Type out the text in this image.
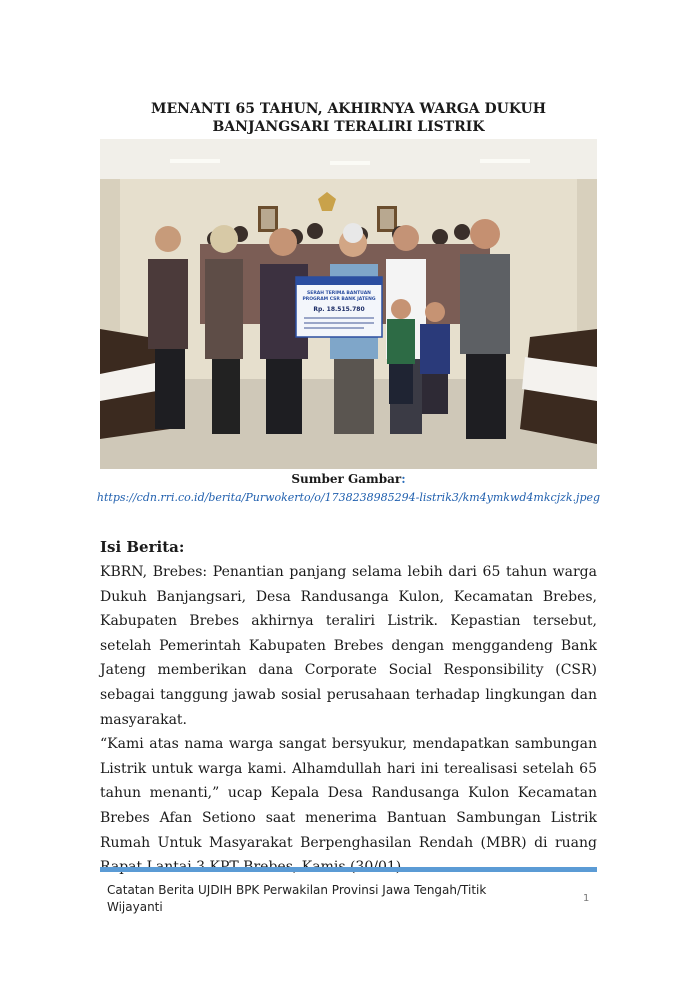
MENANTI 65 TAHUN, AKHIRNYA WARGA DUKUH BANJANGSARI TERALIRI LISTRIK
SERAH TERIMA BANTUAN
PROGRAM CSR BANK JATENG
Rp. 18.515.780
Sumber Gambar:
https://cdn.rri.co.id/berita/Purwokerto/o/1738238985294-listrik3/km4ymkwd4mkcjzk.jpeg
Isi Berita:

KBRN, Brebes: Penantian panjang selama lebih dari 65 tahun warga Dukuh Banjangsari, Desa Randusanga Kulon, Kecamatan Brebes, Kabupaten Brebes akhirnya teraliri Listrik. Kepastian tersebut, setelah Pemerintah Kabupaten Brebes dengan menggandeng Bank Jateng memberikan dana Corporate Social Responsibility (CSR) sebagai tanggung jawab sosial perusahaan terhadap lingkungan dan masyarakat.

“Kami atas nama warga sangat bersyukur, mendapatkan sambungan Listrik untuk warga kami. Alhamdullah hari ini terealisasi setelah 65 tahun menanti,” ucap Kepala Desa Randusanga Kulon Kecamatan Brebes Afan Setiono saat menerima Bantuan Sambungan Listrik Rumah Untuk Masyarakat Berpenghasilan Rendah (MBR) di ruang

Catatan Berita UJDIH BPK Perwakilan Provinsi Jawa Tengah/Titik Wijayanti
1
